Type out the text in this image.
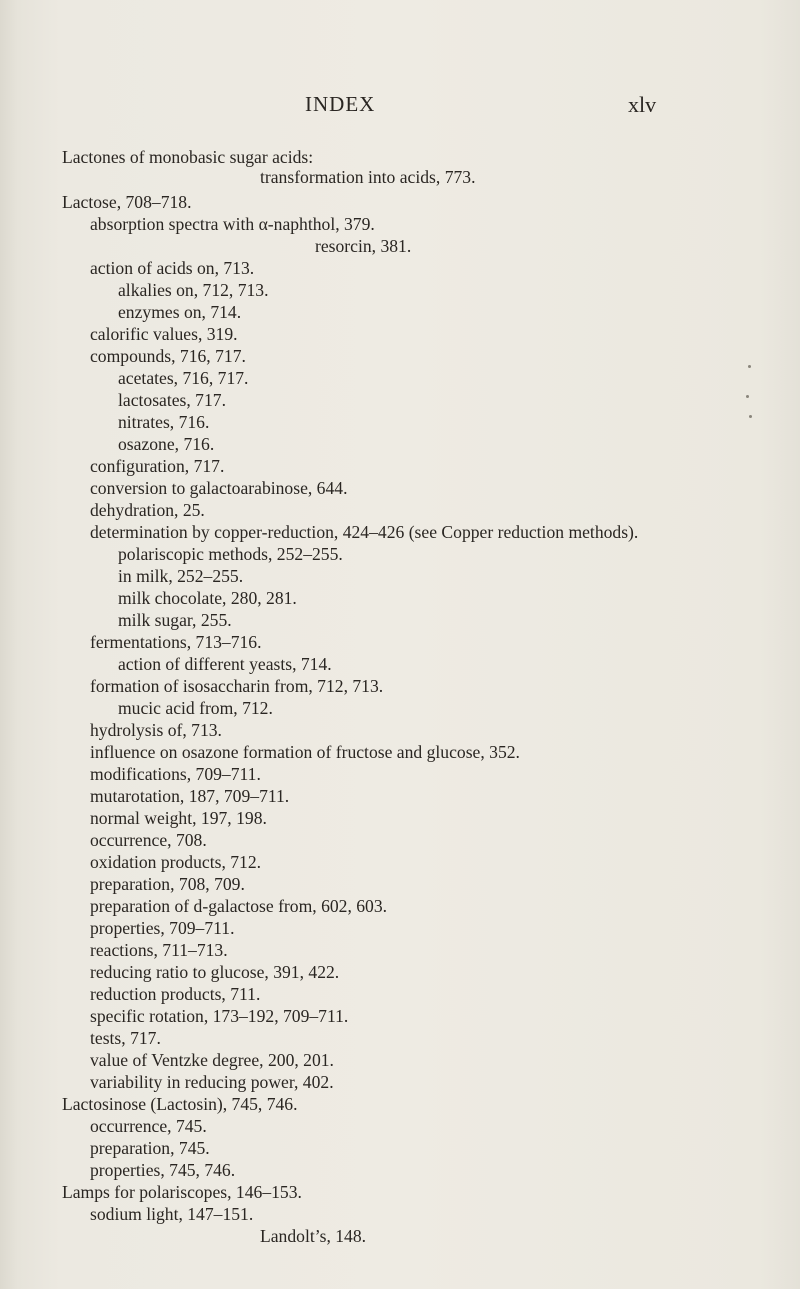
INDEX	xlv
Lactones of monobasic sugar acids:
transformation into acids, 773.
Lactose, 708–718.
absorption spectra with α-naphthol, 379.
resorcin, 381.
action of acids on, 713.
alkalies on, 712, 713.
enzymes on, 714.
calorific values, 319.
compounds, 716, 717.
acetates, 716, 717.
lactosates, 717.
nitrates, 716.
osazone, 716.
configuration, 717.
conversion to galactoarabinose, 644.
dehydration, 25.
determination by copper-reduction, 424–426 (see Copper reduction methods).
polariscopic methods, 252–255.
in milk, 252–255.
milk chocolate, 280, 281.
milk sugar, 255.
fermentations, 713–716.
action of different yeasts, 714.
formation of isosaccharin from, 712, 713.
mucic acid from, 712.
hydrolysis of, 713.
influence on osazone formation of fructose and glucose, 352.
modifications, 709–711.
mutarotation, 187, 709–711.
normal weight, 197, 198.
occurrence, 708.
oxidation products, 712.
preparation, 708, 709.
preparation of d-galactose from, 602, 603.
properties, 709–711.
reactions, 711–713.
reducing ratio to glucose, 391, 422.
reduction products, 711.
specific rotation, 173–192, 709–711.
tests, 717.
value of Ventzke degree, 200, 201.
variability in reducing power, 402.
Lactosinose (Lactosin), 745, 746.
occurrence, 745.
preparation, 745.
properties, 745, 746.
Lamps for polariscopes, 146–153.
sodium light, 147–151.
Landolt’s, 148.
